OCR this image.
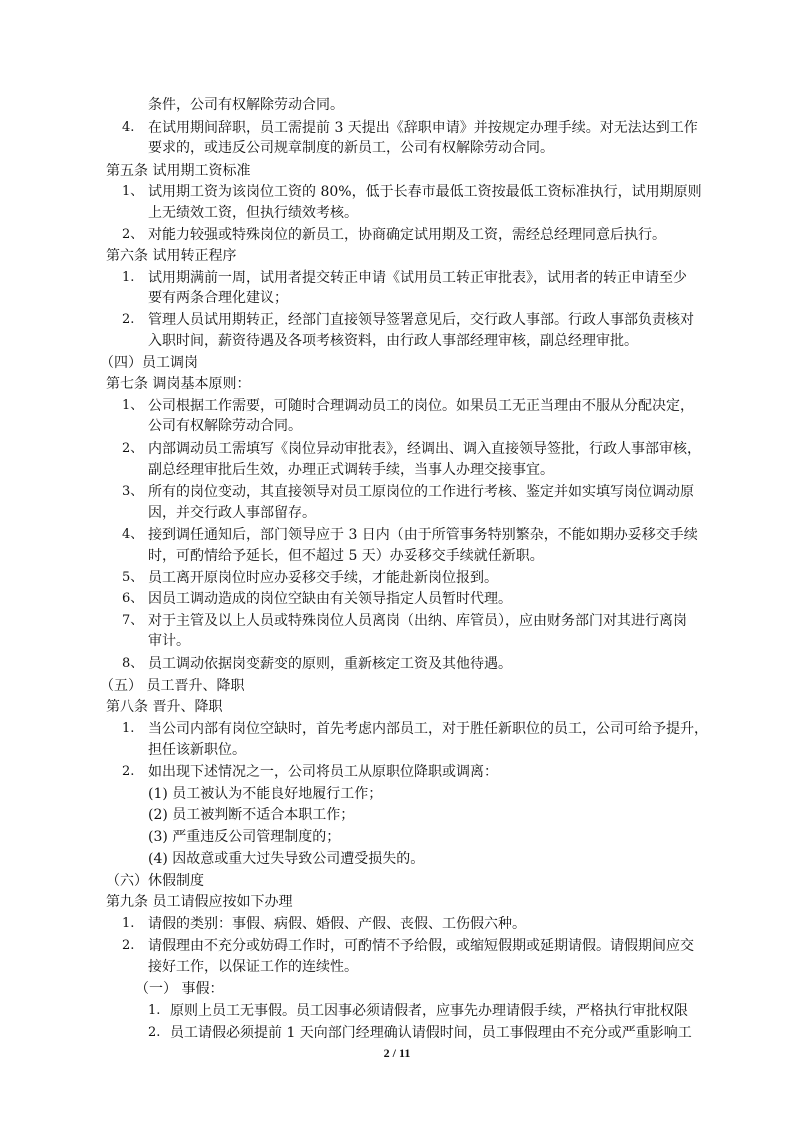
条件，公司有权解除劳动合同。
4. 在试用期间辞职，员工需提前 3 天提出《辞职申请》并按规定办理手续。对无法达到工作
要求的，或违反公司规章制度的新员工，公司有权解除劳动合同。
第五条 试用期工资标准
1、 试用期工资为该岗位工资的 80%，低于长春市最低工资按最低工资标准执行，试用期原则
上无绩效工资，但执行绩效考核。
2、 对能力较强或特殊岗位的新员工，协商确定试用期及工资，需经总经理同意后执行。
第六条 试用转正程序
1. 试用期满前一周，试用者提交转正申请《试用员工转正审批表》，试用者的转正申请至少
要有两条合理化建议；
2. 管理人员试用期转正，经部门直接领导签署意见后，交行政人事部。行政人事部负责核对
入职时间，薪资待遇及各项考核资料，由行政人事部经理审核，副总经理审批。
（四）员工调岗
第七条 调岗基本原则：
1、 公司根据工作需要，可随时合理调动员工的岗位。如果员工无正当理由不服从分配决定，
公司有权解除劳动合同。
2、 内部调动员工需填写《岗位异动审批表》，经调出、调入直接领导签批，行政人事部审核，
副总经理审批后生效，办理正式调转手续，当事人办理交接事宜。
3、 所有的岗位变动，其直接领导对员工原岗位的工作进行考核、鉴定并如实填写岗位调动原
因，并交行政人事部留存。
4、 接到调任通知后，部门领导应于 3 日内（由于所管事务特别繁杂，不能如期办妥移交手续
时，可酌情给予延长，但不超过 5 天）办妥移交手续就任新职。
5、 员工离开原岗位时应办妥移交手续，才能赴新岗位报到。
6、 因员工调动造成的岗位空缺由有关领导指定人员暂时代理。
7、 对于主管及以上人员或特殊岗位人员离岗（出纳、库管员），应由财务部门对其进行离岗
审计。
8、 员工调动依据岗变薪变的原则，重新核定工资及其他待遇。
（五） 员工晋升、降职
第八条 晋升、降职
1. 当公司内部有岗位空缺时，首先考虑内部员工，对于胜任新职位的员工，公司可给予提升，
担任该新职位。
2. 如出现下述情况之一，公司将员工从原职位降职或调离：
(1) 员工被认为不能良好地履行工作；
(2) 员工被判断不适合本职工作；
(3) 严重违反公司管理制度的；
(4) 因故意或重大过失导致公司遭受损失的。
（六）休假制度
第九条 员工请假应按如下办理
1. 请假的类别：事假、病假、婚假、产假、丧假、工伤假六种。
2. 请假理由不充分或妨碍工作时，可酌情不予给假，或缩短假期或延期请假。请假期间应交
接好工作，以保证工作的连续性。
（一） 事假：
1. 原则上员工无事假。员工因事必须请假者，应事先办理请假手续，严格执行审批权限
2. 员工请假必须提前 1 天向部门经理确认请假时间，员工事假理由不充分或严重影响工
2 / 11
